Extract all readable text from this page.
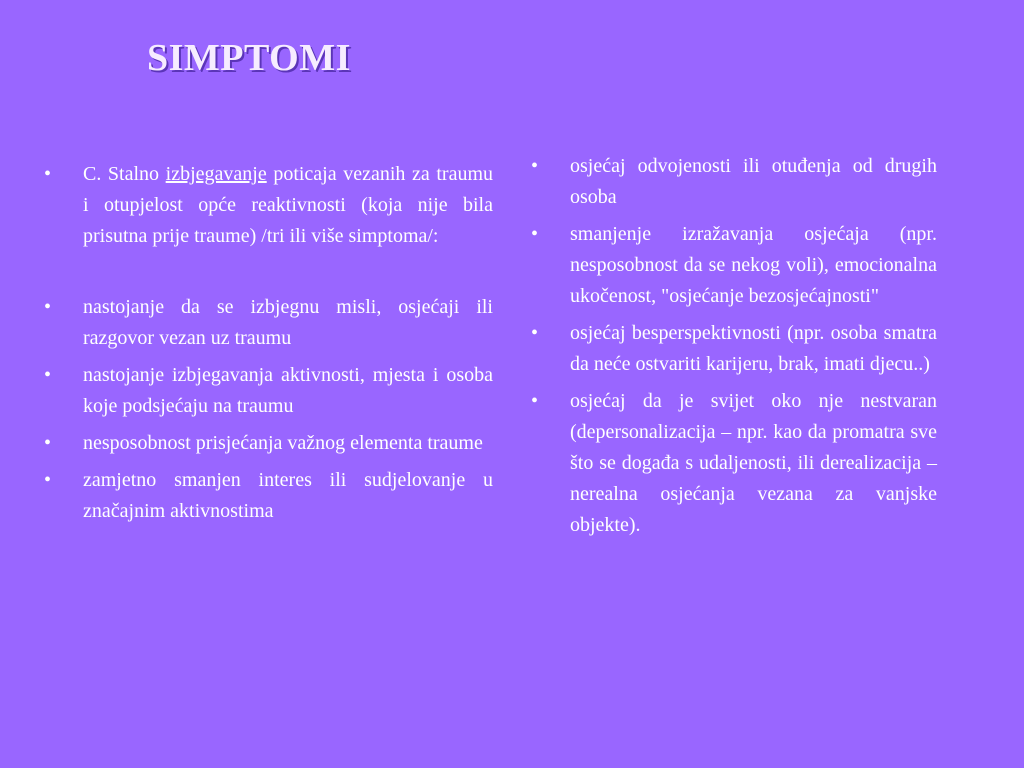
SIMPTOMI
•	C. Stalno izbjegavanje poticaja vezanih za traumu i otupjelost opće reaktivnosti (koja nije bila prisutna prije traume) /tri ili više simptoma/:
•	nastojanje da se izbjegnu misli, osjećaji ili razgovor vezan uz traumu
•	nastojanje izbjegavanja aktivnosti, mjesta i osoba koje podsjećaju na traumu
•	nesposobnost prisjećanja važnog elementa traume
•	zamjetno smanjen interes ili sudjelovanje u značajnim aktivnostima
•	osjećaj odvojenosti ili otuđenja od drugih osoba
•	smanjenje izražavanja osjećaja (npr. nesposobnost da se nekog voli), emocionalna ukočenost, "osjećanje bezosjećajnosti"
•	osjećaj besperspektivnosti (npr. osoba smatra da neće ostvariti karijeru, brak, imati djecu..)
•	osjećaj da je svijet oko nje nestvaran (depersonalizacija – npr. kao da promatra sve što se događa s udaljenosti, ili derealizacija – nerealna osjećanja vezana za vanjske objekte).
